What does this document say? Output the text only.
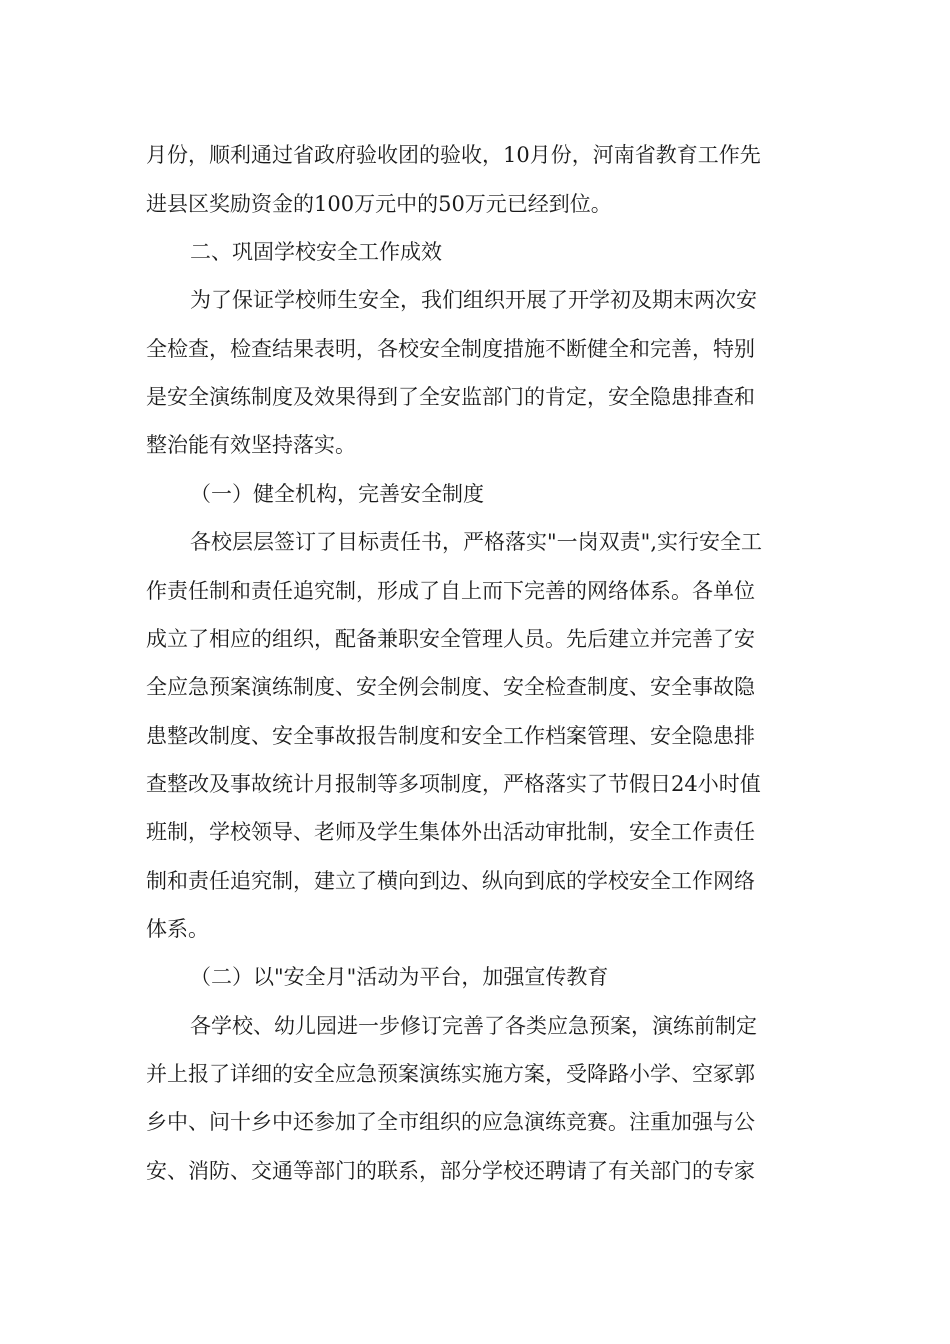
月份，顺利通过省政府验收团的验收，10月份，河南省教育工作先
进县区奖励资金的100万元中的50万元已经到位。
二、巩固学校安全工作成效
为了保证学校师生安全，我们组织开展了开学初及期末两次安
全检查，检查结果表明，各校安全制度措施不断健全和完善，特别
是安全演练制度及效果得到了全安监部门的肯定，安全隐患排查和
整治能有效坚持落实。
（一）健全机构，完善安全制度
各校层层签订了目标责任书，严格落实"一岗双责",实行安全工
作责任制和责任追究制，形成了自上而下完善的网络体系。各单位
成立了相应的组织，配备兼职安全管理人员。先后建立并完善了安
全应急预案演练制度、安全例会制度、安全检查制度、安全事故隐
患整改制度、安全事故报告制度和安全工作档案管理、安全隐患排
查整改及事故统计月报制等多项制度，严格落实了节假日24小时值
班制，学校领导、老师及学生集体外出活动审批制，安全工作责任
制和责任追究制，建立了横向到边、纵向到底的学校安全工作网络
体系。
（二）以"安全月"活动为平台，加强宣传教育
各学校、幼儿园进一步修订完善了各类应急预案，演练前制定
并上报了详细的安全应急预案演练实施方案，受降路小学、空冢郭
乡中、问十乡中还参加了全市组织的应急演练竞赛。注重加强与公
安、消防、交通等部门的联系，部分学校还聘请了有关部门的专家
